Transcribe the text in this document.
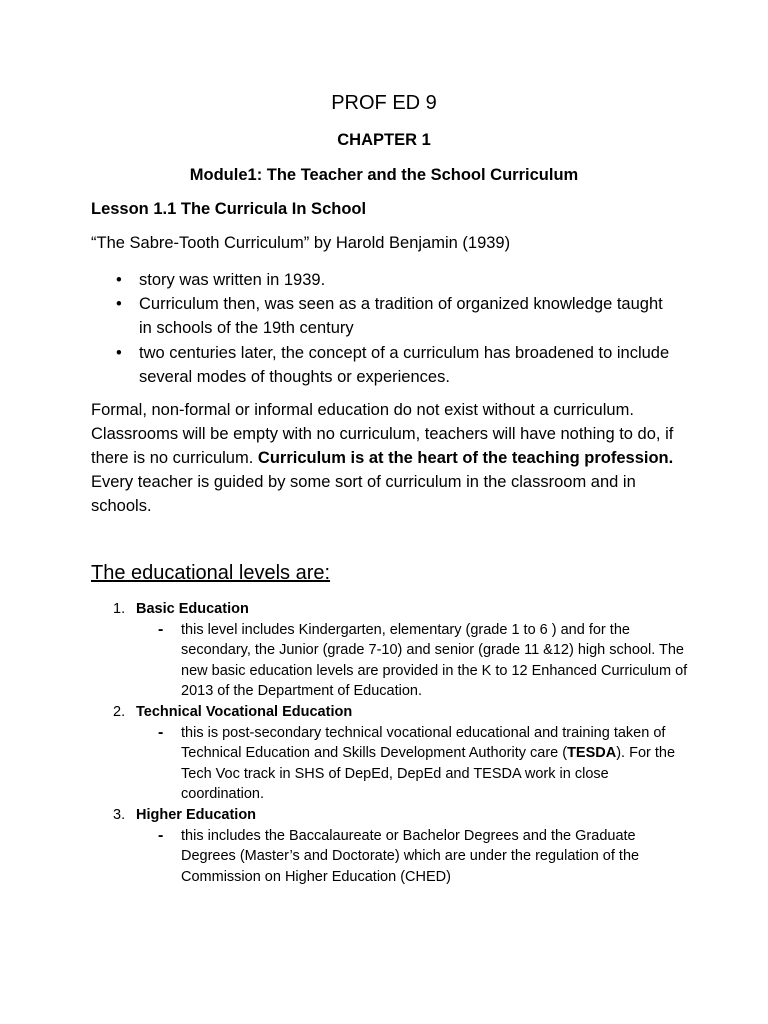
PROF ED 9

CHAPTER 1

Module1: The Teacher and the School Curriculum

Lesson 1.1 The Curricula In School

“The Sabre-Tooth Curriculum” by Harold Benjamin (1939)

• story was written in 1939.
• Curriculum then, was seen as a tradition of organized knowledge taught in schools of the 19th century
• two centuries later, the concept of a curriculum has broadened to include several modes of thoughts or experiences.

Formal, non-formal or informal education do not exist without a curriculum. Classrooms will be empty with no curriculum, teachers will have nothing to do, if there is no curriculum. Curriculum is at the heart of the teaching profession. Every teacher is guided by some sort of curriculum in the classroom and in schools.

The educational levels are:
1. Basic Education
- this level includes Kindergarten, elementary (grade 1 to 6 ) and for the secondary, the Junior (grade 7-10) and senior (grade 11 &12) high school. The new basic education levels are provided in the K to 12 Enhanced Curriculum of 2013 of the Department of Education.
2. Technical Vocational Education
- this is post-secondary technical vocational educational and training taken of Technical Education and Skills Development Authority care (TESDA). For the Tech Voc track in SHS of DepEd, DepEd and TESDA work in close coordination.
3. Higher Education
- this includes the Baccalaureate or Bachelor Degrees and the Graduate Degrees (Master’s and Doctorate) which are under the regulation of the Commission on Higher Education (CHED)
